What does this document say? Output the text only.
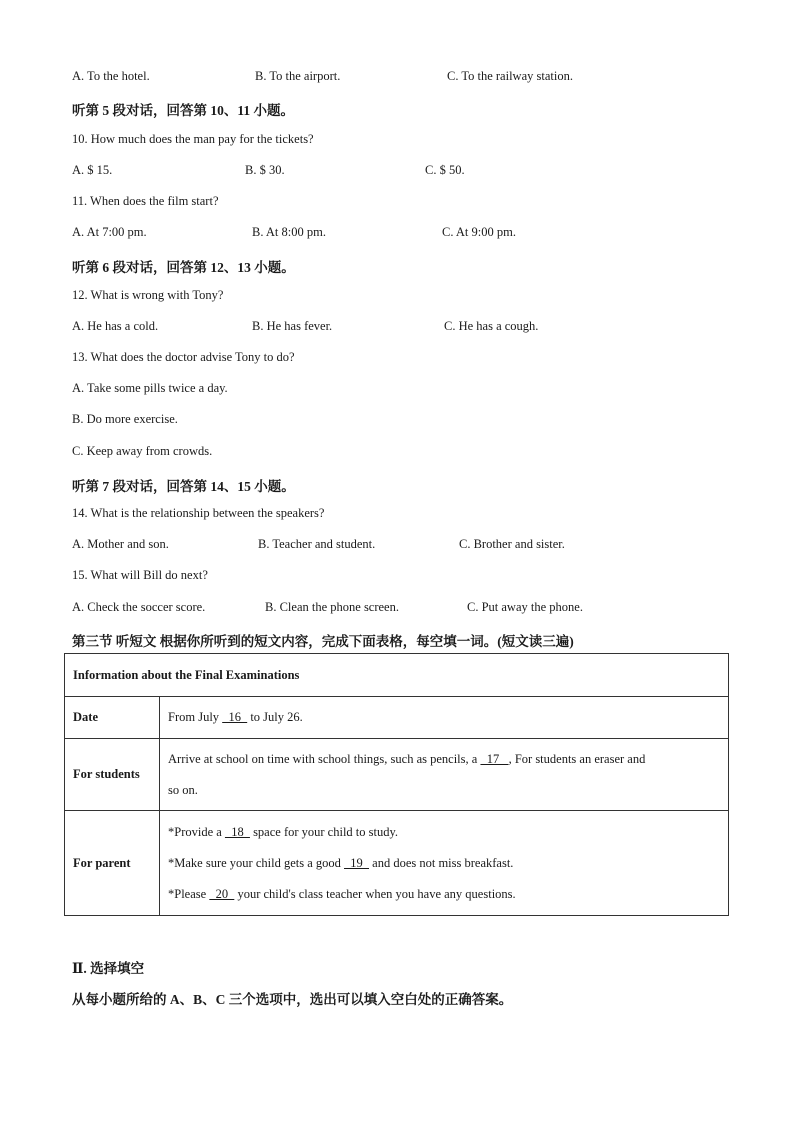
A. To the hotel.	B. To the airport.	C. To the railway station.
听第 5 段对话，回答第 10、11 小题。
10. How much does the man pay for the tickets?
A. $ 15.	B. $ 30.	C. $ 50.
11. When does the film start?
A. At 7:00 pm.	B. At 8:00 pm.	C. At 9:00 pm.
听第 6 段对话，回答第 12、13 小题。
12. What is wrong with Tony?
A. He has a cold.	B. He has fever.	C. He has a cough.
13. What does the doctor advise Tony to do?
A. Take some pills twice a day.
B. Do more exercise.
C. Keep away from crowds.
听第 7 段对话，回答第 14、15 小题。
14. What is the relationship between the speakers?
A. Mother and son.	B. Teacher and student.	C. Brother and sister.
15. What will Bill do next?
A. Check the soccer score.	B. Clean the phone screen.	C. Put away the phone.
第三节 听短文 根据你所听到的短文内容，完成下面表格，每空填一词。(短文读三遍)
Information about the Final Examinations	
Date	From July   16   to July 26.
For students	Arrive at school on time with school things, such as pencils, a   17   , For students an eraser and
so on.

For parent	*Provide a   18   space for your child to study.
*Make sure your child gets a good   19   and does not miss breakfast.
*Please   20   your child's class teacher when you have any questions.
Ⅱ. 选择填空
从每小题所给的 A、B、C 三个选项中，选出可以填入空白处的正确答案。
